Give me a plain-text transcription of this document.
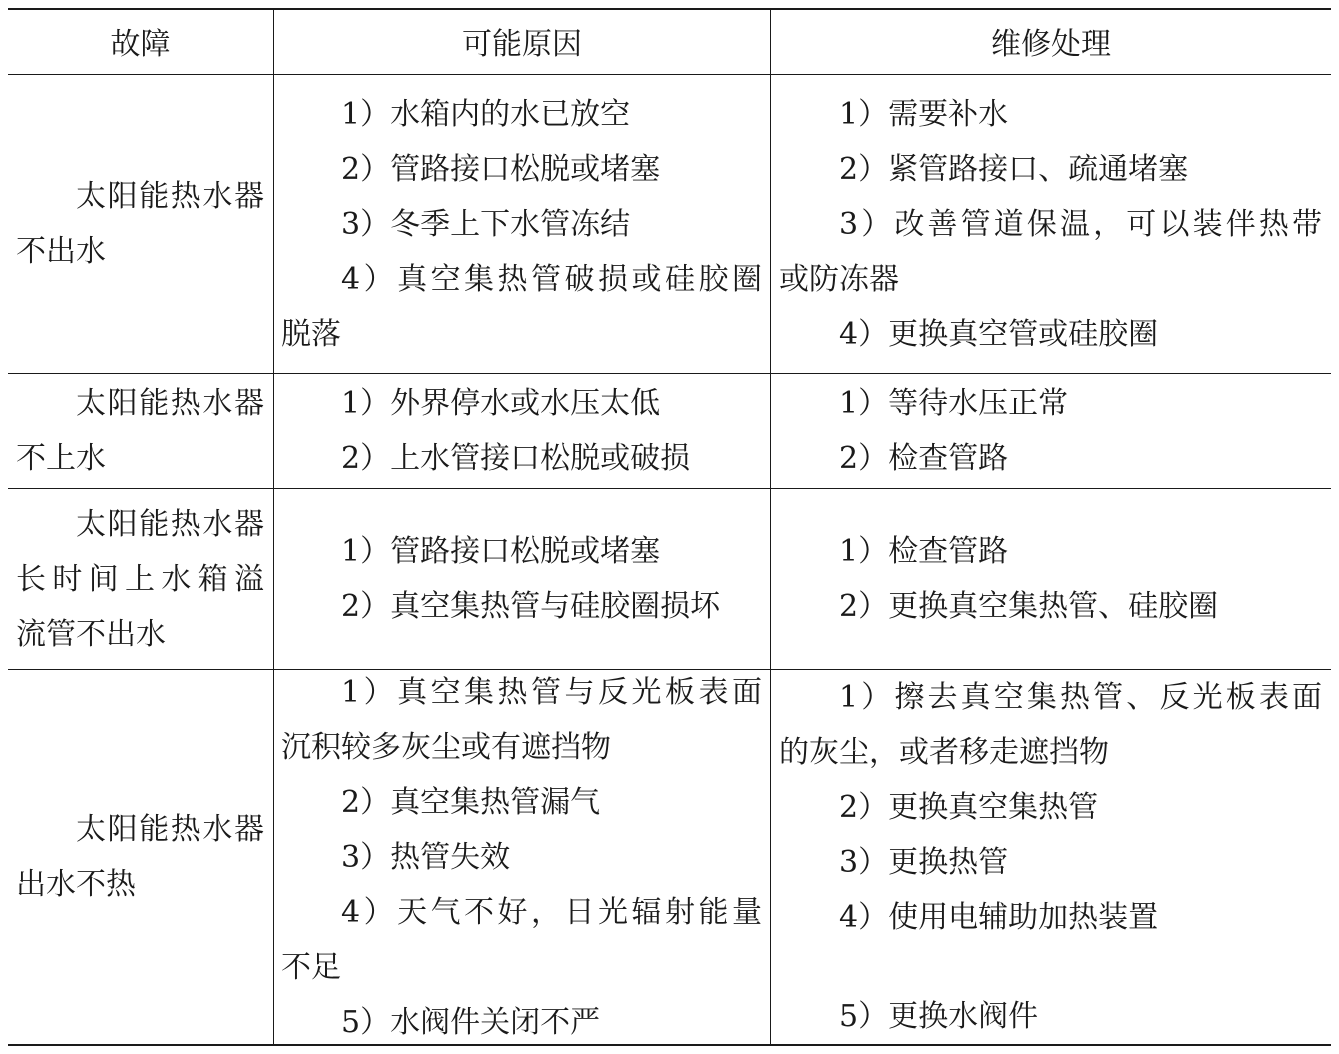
故障	可能原因	维修处理
太阳能热水器
不出水
1）水箱内的水已放空
2）管路接口松脱或堵塞
3）冬季上下水管冻结
4）真空集热管破损或硅胶圈
脱落
1）需要补水
2）紧管路接口、疏通堵塞
3）改善管道保温，可以装伴热带
或防冻器
4）更换真空管或硅胶圈
太阳能热水器
不上水
1）外界停水或水压太低
2）上水管接口松脱或破损
1）等待水压正常
2）检查管路
太阳能热水器
长时间上水箱溢
流管不出水
1）管路接口松脱或堵塞
2）真空集热管与硅胶圈损坏
1）检查管路
2）更换真空集热管、硅胶圈
太阳能热水器
出水不热
1）真空集热管与反光板表面
沉积较多灰尘或有遮挡物
2）真空集热管漏气
3）热管失效
4）天气不好，日光辐射能量
不足
5）水阀件关闭不严
1）擦去真空集热管、反光板表面
的灰尘，或者移走遮挡物
2）更换真空集热管
3）更换热管
4）使用电辅助加热装置
5）更换水阀件
